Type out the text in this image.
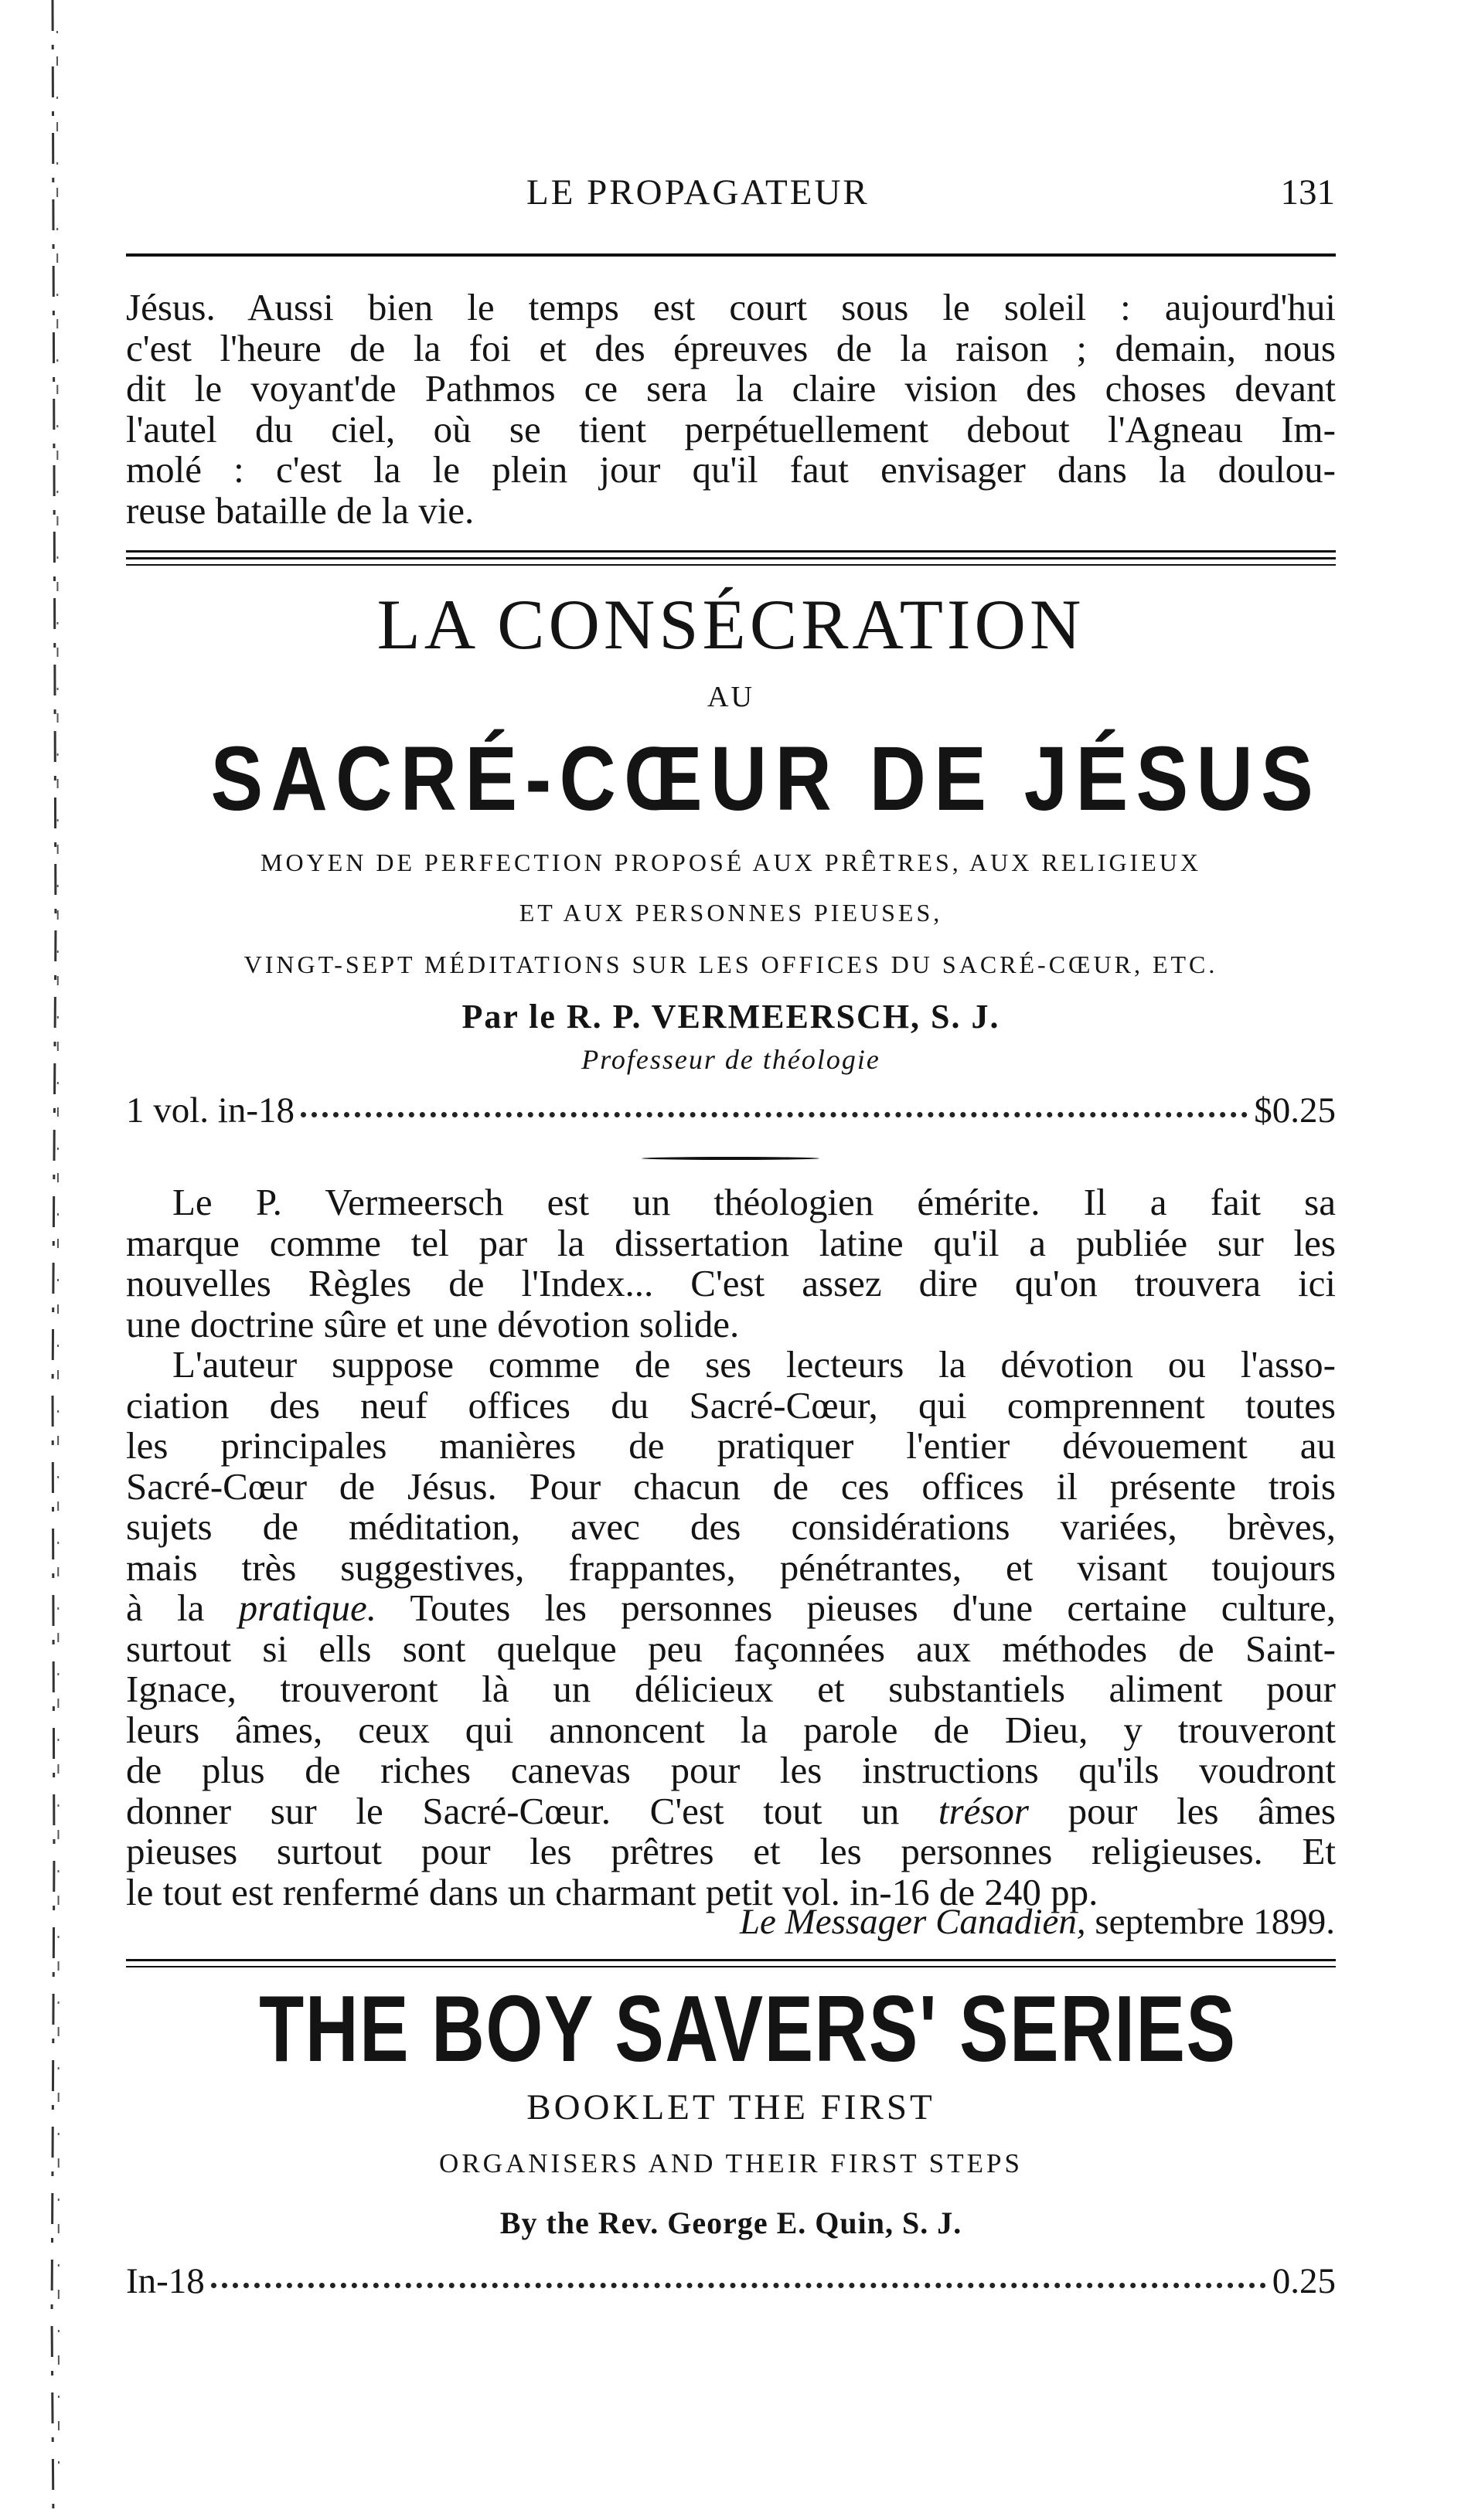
LE PROPAGATEUR	131
Jésus. Aussi bien le temps est court sous le soleil : aujourd'hui
c'est l'heure de la foi et des épreuves de la raison ; demain, nous
dit le voyant'de Pathmos ce sera la claire vision des choses devant
l'autel du ciel, où se tient perpétuellement debout l'Agneau Im-
molé : c'est la le plein jour qu'il faut envisager dans la doulou-
reuse bataille de la vie.
LA CONSÉCRATION
AU
SACRÉ-CŒUR DE JÉSUS
MOYEN DE PERFECTION PROPOSÉ AUX PRÊTRES, AUX RELIGIEUX
ET AUX PERSONNES PIEUSES,
VINGT-SEPT MÉDITATIONS SUR LES OFFICES DU SACRÉ-CŒUR, ETC.
Par le R. P. VERMEERSCH, S. J.
Professeur de théologie
1 vol. in-18	$0.25
Le P. Vermeersch est un théologien émérite. Il a fait sa
marque comme tel par la dissertation latine qu'il a publiée sur les
nouvelles Règles de l'Index... C'est assez dire qu'on trouvera ici
une doctrine sûre et une dévotion solide.
L'auteur suppose comme de ses lecteurs la dévotion ou l'asso-
ciation des neuf offices du Sacré-Cœur, qui comprennent toutes
les principales manières de pratiquer l'entier dévouement au
Sacré-Cœur de Jésus. Pour chacun de ces offices il présente trois
sujets de méditation, avec des considérations variées, brèves,
mais très suggestives, frappantes, pénétrantes, et visant toujours
à la pratique. Toutes les personnes pieuses d'une certaine culture,
surtout si ells sont quelque peu façonnées aux méthodes de Saint-
Ignace, trouveront là un délicieux et substantiels aliment pour
leurs âmes, ceux qui annoncent la parole de Dieu, y trouveront
de plus de riches canevas pour les instructions qu'ils voudront
donner sur le Sacré-Cœur. C'est tout un trésor pour les âmes
pieuses surtout pour les prêtres et les personnes religieuses. Et
le tout est renfermé dans un charmant petit vol. in-16 de 240 pp.
Le Messager Canadien, septembre 1899.
THE BOY SAVERS' SERIES
BOOKLET THE FIRST
ORGANISERS AND THEIR FIRST STEPS
By the Rev. George E. Quin, S. J.
In-18	0.25
